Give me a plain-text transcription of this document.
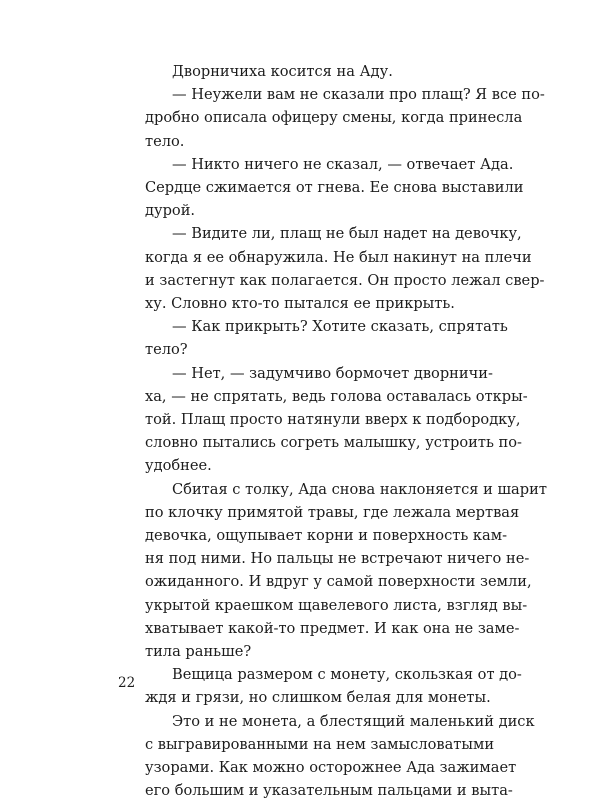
Дворничиха косится на Аду.

— Неужели вам не сказали про плащ? Я все по-
дробно описала офицеру смены, когда принесла
тело.

— Никто ничего не сказал, — отвечает Ада.
Сердце сжимается от гнева. Ее снова выставили
дурой.

— Видите ли, плащ не был надет на девочку,
когда я ее обнаружила. Не был накинут на плечи
и застегнут как полагается. Он просто лежал свер-
ху. Словно кто-то пытался ее прикрыть.

— Как прикрыть? Хотите сказать, спрятать
тело?

— Нет, — задумчиво бормочет дворничи-
ха, — не спрятать, ведь голова оставалась откры-
той. Плащ просто натянули вверх к подбородку,
словно пытались согреть малышку, устроить по-
удобнее.

Сбитая с толку, Ада снова наклоняется и шарит
по клочку примятой травы, где лежала мертвая
девочка, ощупывает корни и поверхность кам-
ня под ними. Но пальцы не встречают ничего не-
ожиданного. И вдруг у самой поверхности земли,
укрытой краешком щавелевого листа, взгляд вы-
хватывает какой-то предмет. И как она не заме-
тила раньше?

Вещица размером с монету, скользкая от до-
ждя и грязи, но слишком белая для монеты.

Это и не монета, а блестящий маленький диск
с выгравированными на нем замысловатыми
узорами. Как можно осторожнее Ада зажимает
его большим и указательным пальцами и выта-

22
